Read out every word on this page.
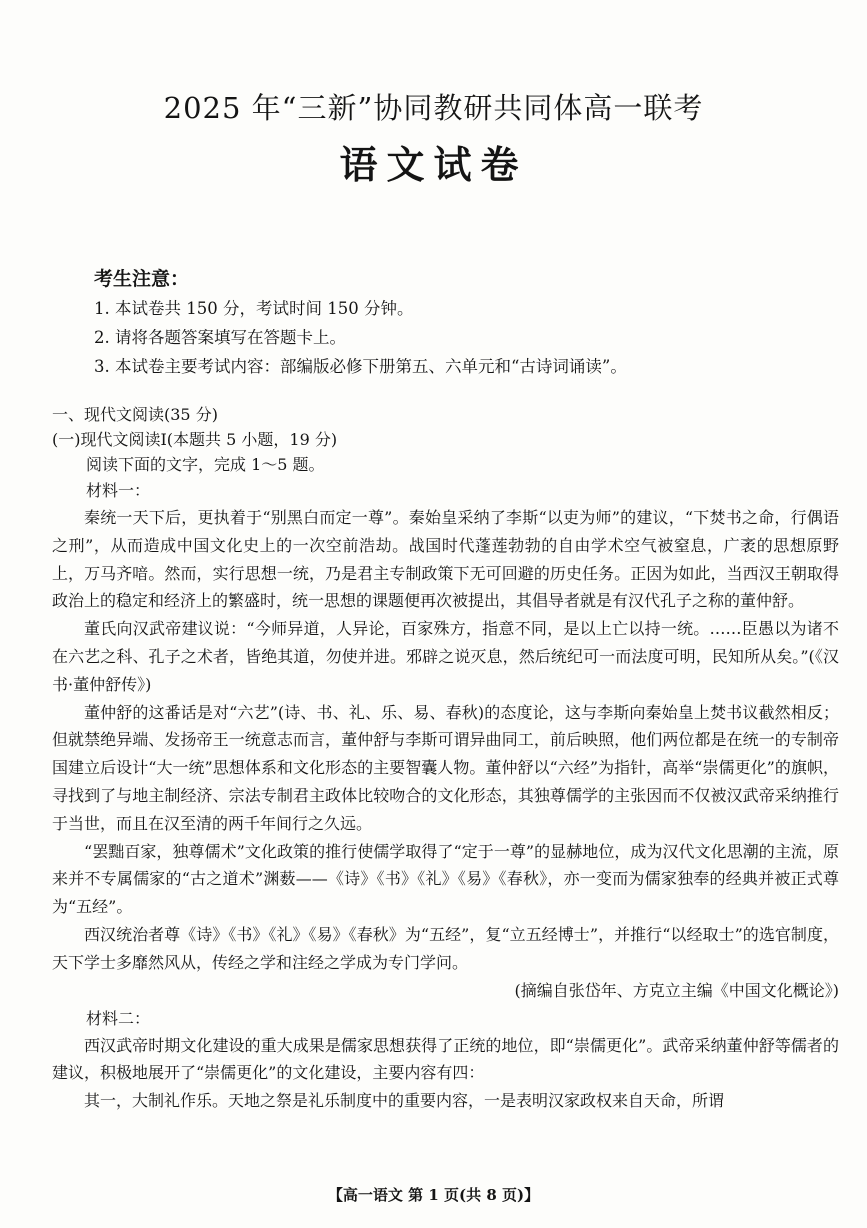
2025 年“三新”协同教研共同体高一联考
语文试卷
考生注意：
1. 本试卷共 150 分，考试时间 150 分钟。
2. 请将各题答案填写在答题卡上。
3. 本试卷主要考试内容：部编版必修下册第五、六单元和“古诗词诵读”。
一、现代文阅读(35 分)
(一)现代文阅读Ⅰ(本题共 5 小题，19 分)
阅读下面的文字，完成 1～5 题。
材料一：

秦统一天下后，更执着于“别黑白而定一尊”。秦始皇采纳了李斯“以吏为师”的建议，“下焚书之命，行偶语之刑”，从而造成中国文化史上的一次空前浩劫。战国时代蓬莲勃勃的自由学术空气被窒息，广袤的思想原野上，万马齐喑。然而，实行思想一统，乃是君主专制政策下无可回避的历史任务。正因为如此，当西汉王朝取得政治上的稳定和经济上的繁盛时，统一思想的课题便再次被提出，其倡导者就是有汉代孔子之称的董仲舒。

董氏向汉武帝建议说：“今师异道，人异论，百家殊方，指意不同，是以上亡以持一统。……臣愚以为诸不在六艺之科、孔子之术者，皆绝其道，勿使并进。邪辟之说灭息，然后统纪可一而法度可明，民知所从矣。”(《汉书·董仲舒传》)

董仲舒的这番话是对“六艺”(诗、书、礼、乐、易、春秋)的态度论，这与李斯向秦始皇上焚书议截然相反；但就禁绝异端、发扬帝王一统意志而言，董仲舒与李斯可谓异曲同工，前后映照，他们两位都是在统一的专制帝国建立后设计“大一统”思想体系和文化形态的主要智囊人物。董仲舒以“六经”为指针，高举“崇儒更化”的旗帜，寻找到了与地主制经济、宗法专制君主政体比较吻合的文化形态，其独尊儒学的主张因而不仅被汉武帝采纳推行于当世，而且在汉至清的两千年间行之久远。

“罢黜百家，独尊儒术”文化政策的推行使儒学取得了“定于一尊”的显赫地位，成为汉代文化思潮的主流，原来并不专属儒家的“古之道术”渊薮——《诗》《书》《礼》《易》《春秋》，亦一变而为儒家独奉的经典并被正式尊为“五经”。

西汉统治者尊《诗》《书》《礼》《易》《春秋》为“五经”，复“立五经博士”，并推行“以经取士”的选官制度，天下学士多靡然风从，传经之学和注经之学成为专门学问。

(摘编自张岱年、方克立主编《中国文化概论》)
材料二：

西汉武帝时期文化建设的重大成果是儒家思想获得了正统的地位，即“崇儒更化”。武帝采纳董仲舒等儒者的建议，积极地展开了“崇儒更化”的文化建设，主要内容有四：

其一，大制礼作乐。天地之祭是礼乐制度中的重要内容，一是表明汉家政权来自天命，所谓

【高一语文 第 1 页(共 8 页)】
